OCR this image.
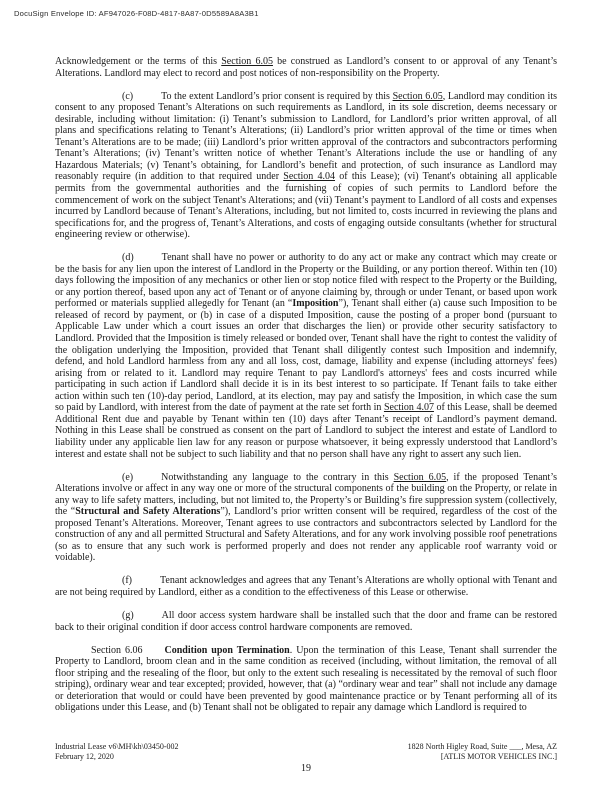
DocuSign Envelope ID: AF947026-F08D-4817-8A87-0D5589A8A3B1
Acknowledgement or the terms of this Section 6.05 be construed as Landlord’s consent to or approval of any Tenant’s Alterations. Landlord may elect to record and post notices of non-responsibility on the Property.
(c)	To the extent Landlord’s prior consent is required by this Section 6.05, Landlord may condition its consent to any proposed Tenant’s Alterations on such requirements as Landlord, in its sole discretion, deems necessary or desirable, including without limitation: (i) Tenant’s submission to Landlord, for Landlord’s prior written approval, of all plans and specifications relating to Tenant’s Alterations; (ii) Landlord’s prior written approval of the time or times when Tenant’s Alterations are to be made; (iii) Landlord’s prior written approval of the contractors and subcontractors performing Tenant’s Alterations; (iv) Tenant’s written notice of whether Tenant’s Alterations include the use or handling of any Hazardous Materials; (v) Tenant’s obtaining, for Landlord’s benefit and protection, of such insurance as Landlord may reasonably require (in addition to that required under Section 4.04 of this Lease); (vi) Tenant's obtaining all applicable permits from the governmental authorities and the furnishing of copies of such permits to Landlord before the commencement of work on the subject Tenant's Alterations; and (vii) Tenant’s payment to Landlord of all costs and expenses incurred by Landlord because of Tenant’s Alterations, including, but not limited to, costs incurred in reviewing the plans and specifications for, and the progress of, Tenant’s Alterations, and costs of engaging outside consultants (whether for structural engineering review or otherwise).
(d)	Tenant shall have no power or authority to do any act or make any contract which may create or be the basis for any lien upon the interest of Landlord in the Property or the Building, or any portion thereof. Within ten (10) days following the imposition of any mechanics or other lien or stop notice filed with respect to the Property or the Building, or any portion thereof, based upon any act of Tenant or of anyone claiming by, through or under Tenant, or based upon work performed or materials supplied allegedly for Tenant (an “Imposition”), Tenant shall either (a) cause such Imposition to be released of record by payment, or (b) in case of a disputed Imposition, cause the posting of a proper bond (pursuant to Applicable Law under which a court issues an order that discharges the lien) or provide other security satisfactory to Landlord. Provided that the Imposition is timely released or bonded over, Tenant shall have the right to contest the validity of the obligation underlying the Imposition, provided that Tenant shall diligently contest such Imposition and indemnify, defend, and hold Landlord harmless from any and all loss, cost, damage, liability and expense (including attorneys' fees) arising from or related to it. Landlord may require Tenant to pay Landlord's attorneys' fees and costs incurred while participating in such action if Landlord shall decide it is in its best interest to so participate. If Tenant fails to take either action within such ten (10)-day period, Landlord, at its election, may pay and satisfy the Imposition, in which case the sum so paid by Landlord, with interest from the date of payment at the rate set forth in Section 4.07 of this Lease, shall be deemed Additional Rent due and payable by Tenant within ten (10) days after Tenant’s receipt of Landlord’s payment demand. Nothing in this Lease shall be construed as consent on the part of Landlord to subject the interest and estate of Landlord to liability under any applicable lien law for any reason or purpose whatsoever, it being expressly understood that Landlord’s interest and estate shall not be subject to such liability and that no person shall have any right to assert any such lien.
(e)	Notwithstanding any language to the contrary in this Section 6.05, if the proposed Tenant’s Alterations involve or affect in any way one or more of the structural components of the building on the Property, or relate in any way to life safety matters, including, but not limited to, the Property’s or Building’s fire suppression system (collectively, the “Structural and Safety Alterations”), Landlord’s prior written consent will be required, regardless of the cost of the proposed Tenant’s Alterations. Moreover, Tenant agrees to use contractors and subcontractors selected by Landlord for the construction of any and all permitted Structural and Safety Alterations, and for any work involving possible roof penetrations (so as to ensure that any such work is performed properly and does not render any applicable roof warranty void or voidable).
(f)	Tenant acknowledges and agrees that any Tenant’s Alterations are wholly optional with Tenant and are not being required by Landlord, either as a condition to the effectiveness of this Lease or otherwise.
(g)	All door access system hardware shall be installed such that the door and frame can be restored back to their original condition if door access control hardware components are removed.
Section 6.06 Condition upon Termination. Upon the termination of this Lease, Tenant shall surrender the Property to Landlord, broom clean and in the same condition as received (including, without limitation, the removal of all floor striping and the resealing of the floor, but only to the extent such resealing is necessitated by the removal of such floor striping), ordinary wear and tear excepted; provided, however, that (a) “ordinary wear and tear” shall not include any damage or deterioration that would or could have been prevented by good maintenance practice or by Tenant performing all of its obligations under this Lease, and (b) Tenant shall not be obligated to repair any damage which Landlord is required to
Industrial Lease v6\MH\kh\03450-002
February 12, 2020
1828 North Higley Road, Suite ___, Mesa, AZ
[ATLIS MOTOR VEHICLES INC.]
19
